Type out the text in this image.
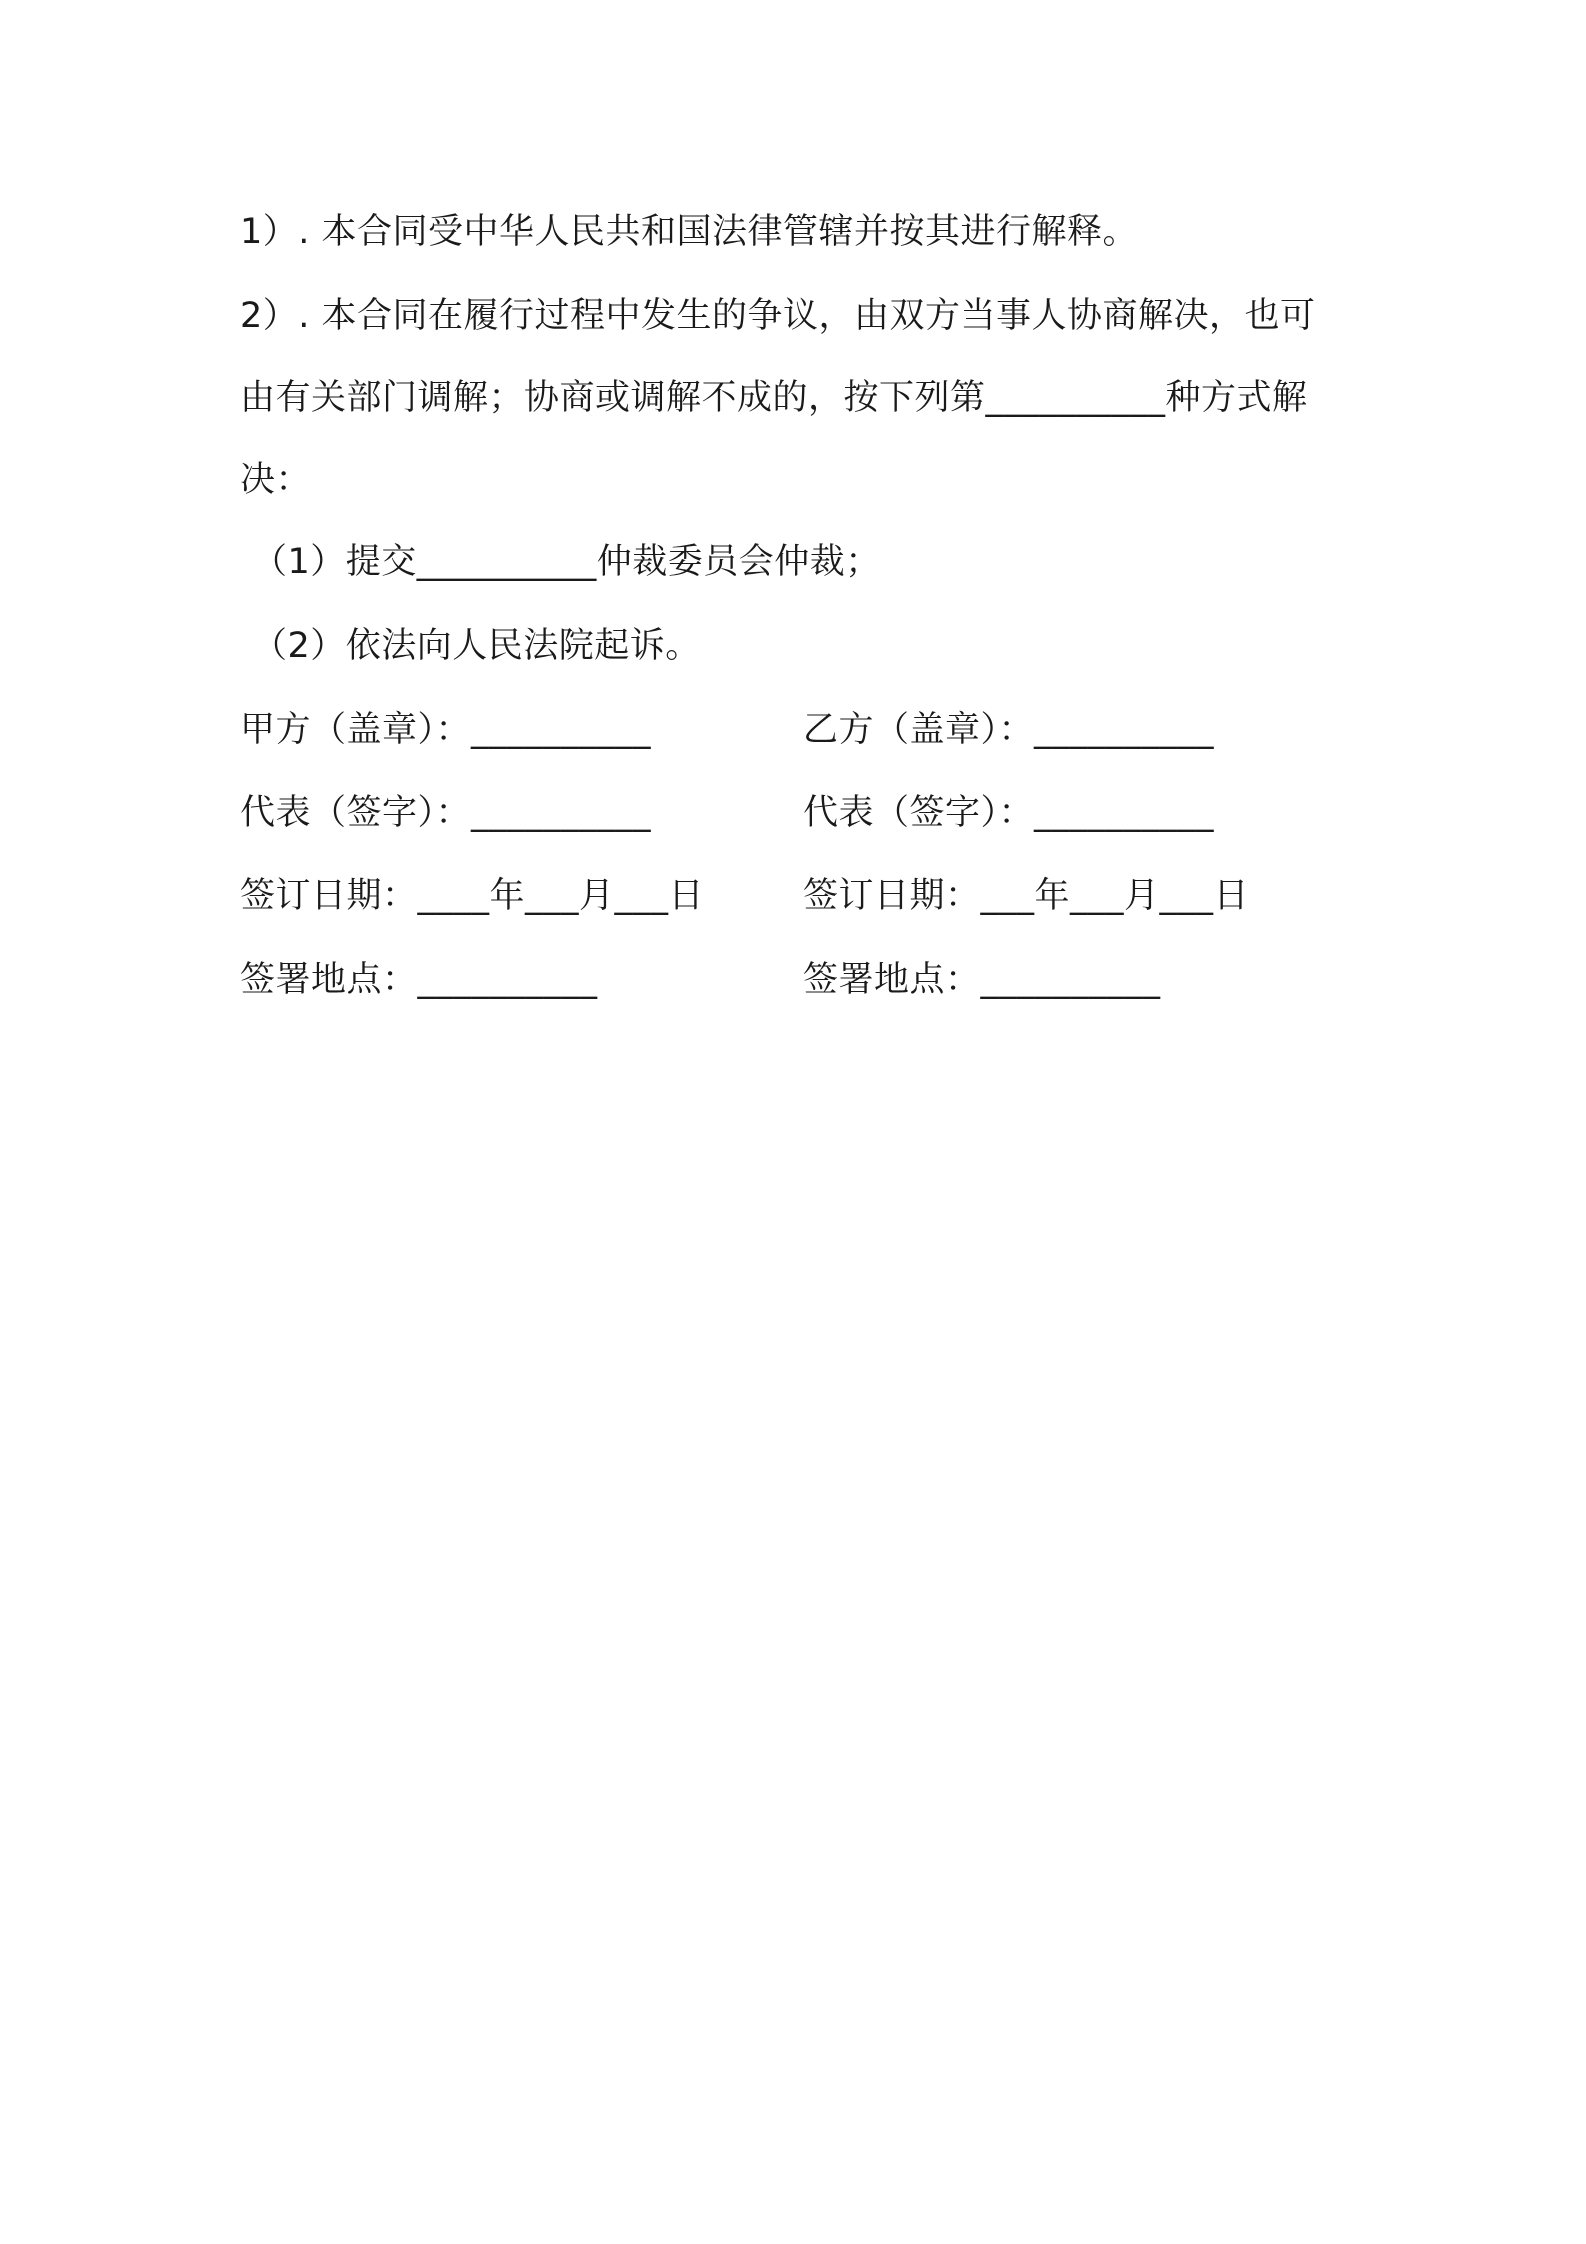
1）. 本合同受中华人民共和国法律管辖并按其进行解释。
2）. 本合同在履行过程中发生的争议，由双方当事人协商解决，也可
由有关部门调解；协商或调解不成的，按下列第__________种方式解
决：
（1）提交__________仲裁委员会仲裁；
（2）依法向人民法院起诉。
甲方（盖章）：__________	乙方（盖章）：__________
代表（签字）：__________	代表（签字）：__________
签订日期：____年___月___日	签订日期：___年___月___日
签署地点：__________	签署地点：__________
